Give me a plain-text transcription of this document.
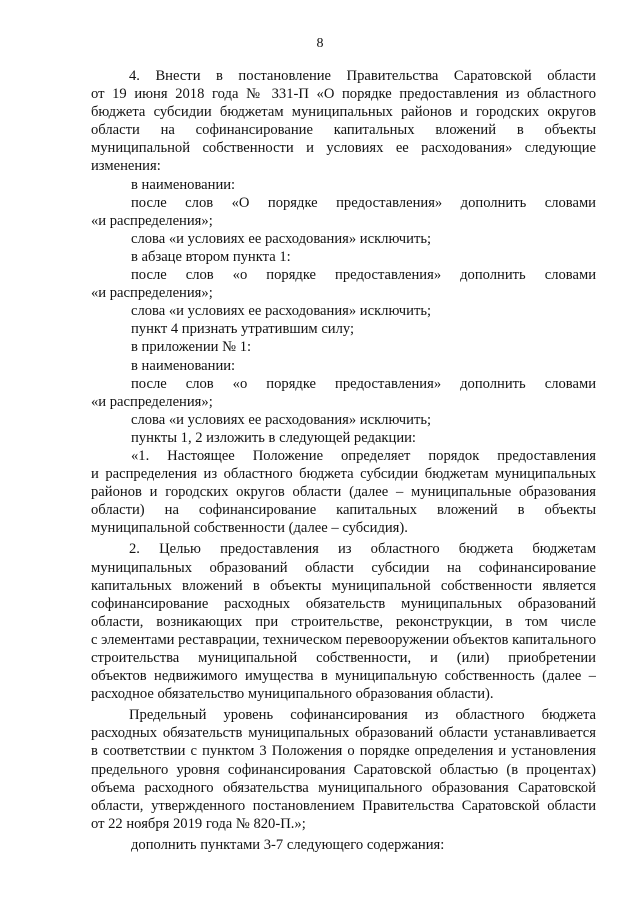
8
4. Внести в постановление Правительства Саратовской области
от 19 июня 2018 года № 331-П «О порядке предоставления из областного
бюджета субсидии бюджетам муниципальных районов и городских округов
области на софинансирование капитальных вложений в объекты
муниципальной собственности и условиях ее расходования» следующие
изменения:
в наименовании:
после слов «О порядке предоставления» дополнить словами
«и распределения»;
слова «и условиях ее расходования» исключить;
в абзаце втором пункта 1:
после слов «о порядке предоставления» дополнить словами
«и распределения»;
слова «и условиях ее расходования» исключить;
пункт 4 признать утратившим силу;
в приложении № 1:
в наименовании:
после слов «о порядке предоставления» дополнить словами
«и распределения»;
слова «и условиях ее расходования» исключить;
пункты 1, 2 изложить в следующей редакции:
«1. Настоящее Положение определяет порядок предоставления
и распределения из областного бюджета субсидии бюджетам муниципальных
районов и городских округов области (далее – муниципальные образования
области) на софинансирование капитальных вложений в объекты
муниципальной собственности (далее – субсидия).
2. Целью предоставления из областного бюджета бюджетам
муниципальных образований области субсидии на софинансирование
капитальных вложений в объекты муниципальной собственности является
софинансирование расходных обязательств муниципальных образований
области, возникающих при строительстве, реконструкции, в том числе
с элементами реставрации, техническом перевооружении объектов капитального
строительства муниципальной собственности, и (или) приобретении
объектов недвижимого имущества в муниципальную собственность (далее –
расходное обязательство муниципального образования области).
Предельный уровень софинансирования из областного бюджета
расходных обязательств муниципальных образований области устанавливается
в соответствии с пунктом 3 Положения о порядке определения и установления
предельного уровня софинансирования Саратовской областью (в процентах)
объема расходного обязательства муниципального образования Саратовской
области, утвержденного постановлением Правительства Саратовской области
от 22 ноября 2019 года № 820-П.»;
дополнить пунктами 3-7 следующего содержания:
